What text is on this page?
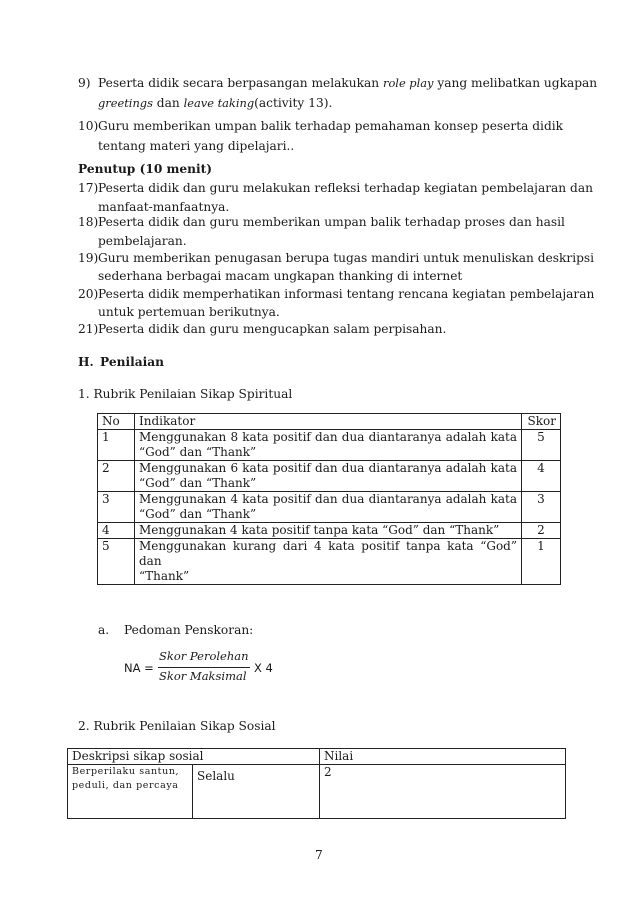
9) Peserta didik secara berpasangan melakukan role play yang melibatkan ugkapan
greetings dan leave taking(activity 13).
10) Guru memberikan umpan balik terhadap pemahaman konsep peserta didik
tentang materi yang dipelajari..
Penutup (10 menit)
17) Peserta didik dan guru melakukan refleksi terhadap kegiatan pembelajaran dan
manfaat-manfaatnya.
18) Peserta didik dan guru memberikan umpan balik terhadap proses dan hasil
pembelajaran.
19) Guru memberikan penugasan berupa tugas mandiri untuk menuliskan deskripsi
sederhana berbagai macam ungkapan thanking di internet
20) Peserta didik memperhatikan informasi tentang rencana kegiatan pembelajaran
untuk pertemuan berikutnya.
21) Peserta didik dan guru mengucapkan salam perpisahan.
H. Penilaian
1. Rubrik Penilaian Sikap Spiritual
No	Indikator	Skor
1	Menggunakan 8 kata positif dan dua diantaranya adalah kata
“God” dan “Thank”	5
2	Menggunakan 6 kata positif dan dua diantaranya adalah kata
“God” dan “Thank”	4
3	Menggunakan 4 kata positif dan dua diantaranya adalah kata
“God” dan “Thank”	3
4	Menggunakan 4 kata positif tanpa kata “God” dan “Thank”	2
5	Menggunakan kurang dari 4 kata positif tanpa kata “God” dan
“Thank”	1
a. Pedoman Penskoran:
NA =
Skor Perolehan
Skor Maksimal
X 4
2. Rubrik Penilaian Sikap Sosial
Deskripsi sikap sosial		Nilai

Berperilaku santun,
peduli, dan percaya	Selalu	2
7
